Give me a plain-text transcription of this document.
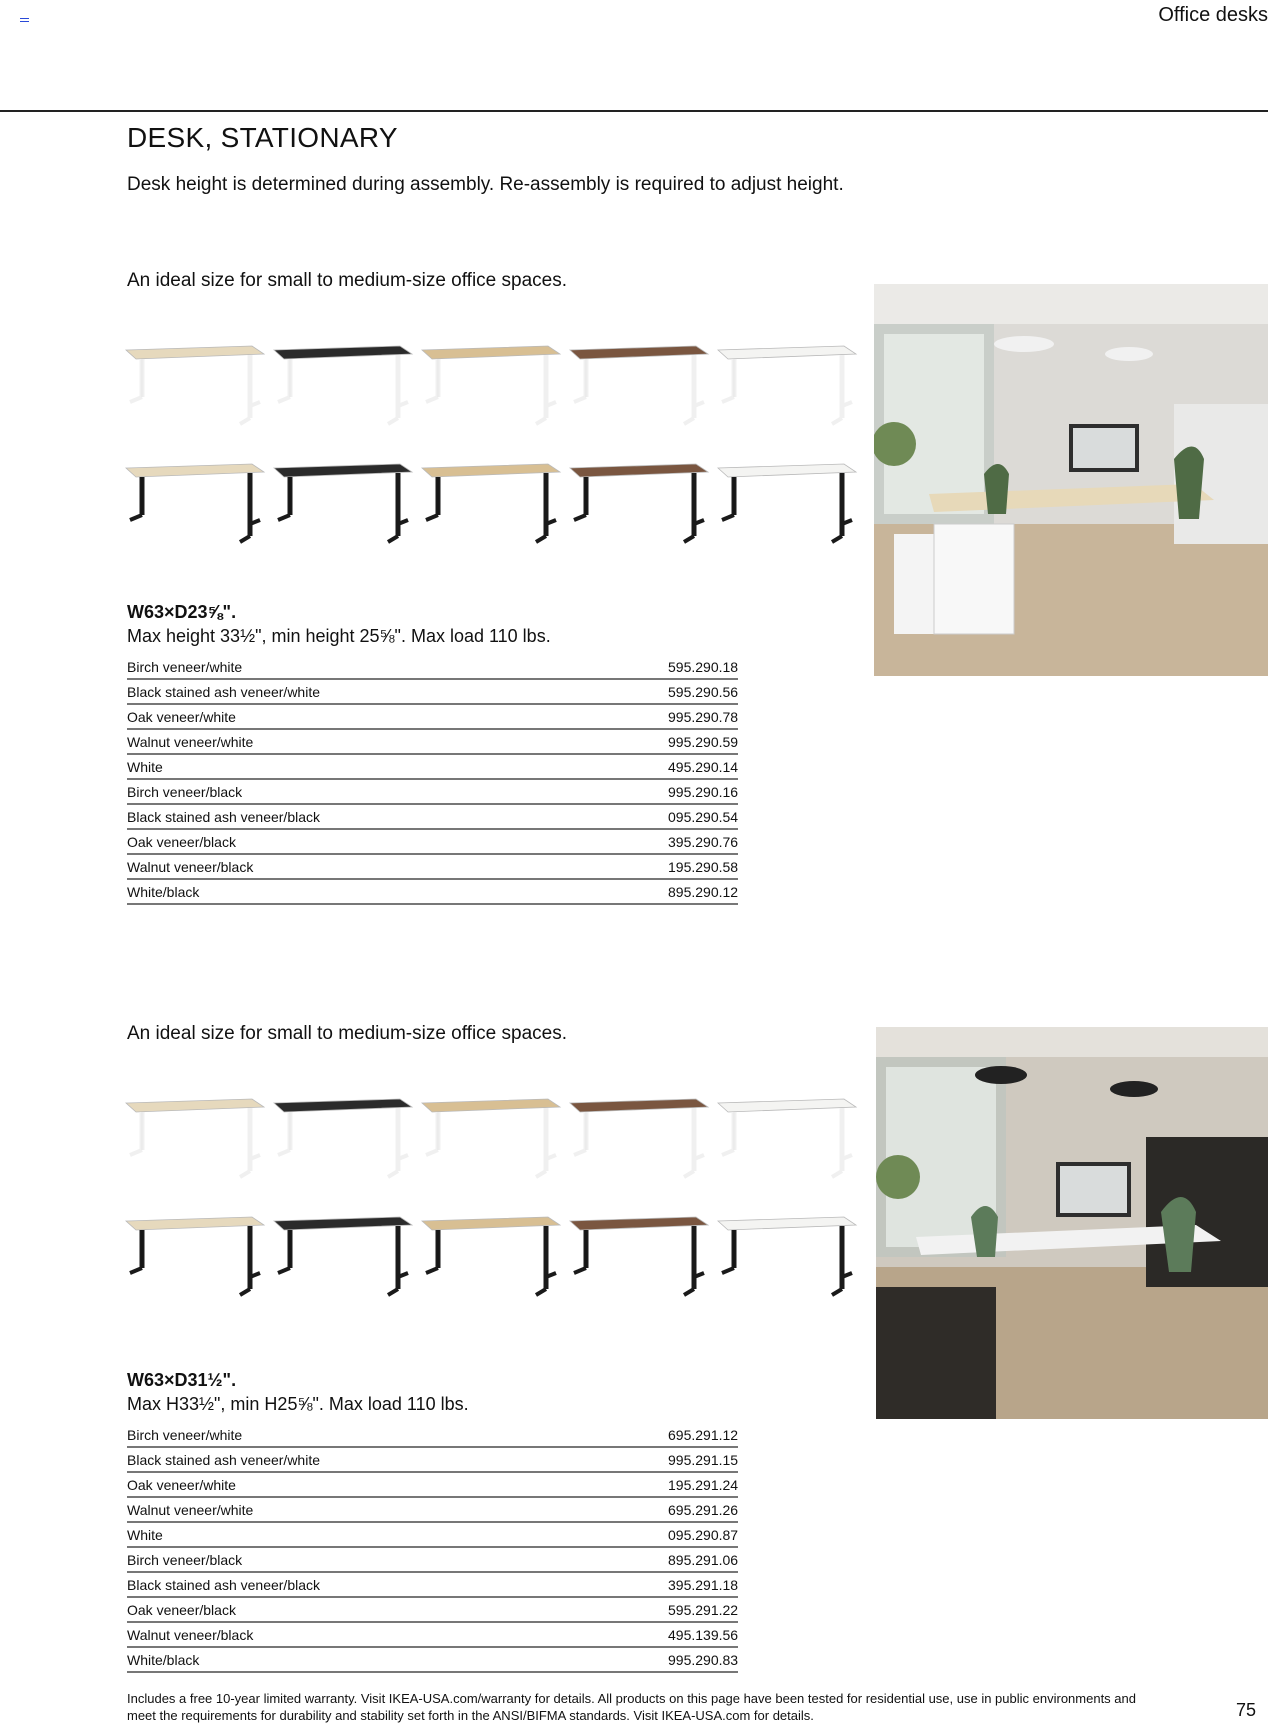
Office desks
DESK, STATIONARY
Desk height is determined during assembly. Re-assembly is required to adjust height.
An ideal size for small to medium-size office spaces.
W63×D23⅝".
Max height 33½", min height 25⅝". Max load 110 lbs.
Birch veneer/white	595.290.18
Black stained ash veneer/white	595.290.56
Oak veneer/white	995.290.78
Walnut veneer/white	995.290.59
White	495.290.14
Birch veneer/black	995.290.16
Black stained ash veneer/black	095.290.54
Oak veneer/black	395.290.76
Walnut veneer/black	195.290.58
White/black	895.290.12
An ideal size for small to medium-size office spaces.
W63×D31½".
Max H33½", min H25⅝". Max load 110 lbs.
Birch veneer/white	695.291.12
Black stained ash veneer/white	995.291.15
Oak veneer/white	195.291.24
Walnut veneer/white	695.291.26
White	095.290.87
Birch veneer/black	895.291.06
Black stained ash veneer/black	395.291.18
Oak veneer/black	595.291.22
Walnut veneer/black	495.139.56
White/black	995.290.83
Includes a free 10-year limited warranty. Visit IKEA-USA.com/warranty for details. All products on this page have been tested for residential use, use in public environments and meet the requirements for durability and stability set forth in the ANSI/BIFMA standards. Visit IKEA-USA.com for details.	75
